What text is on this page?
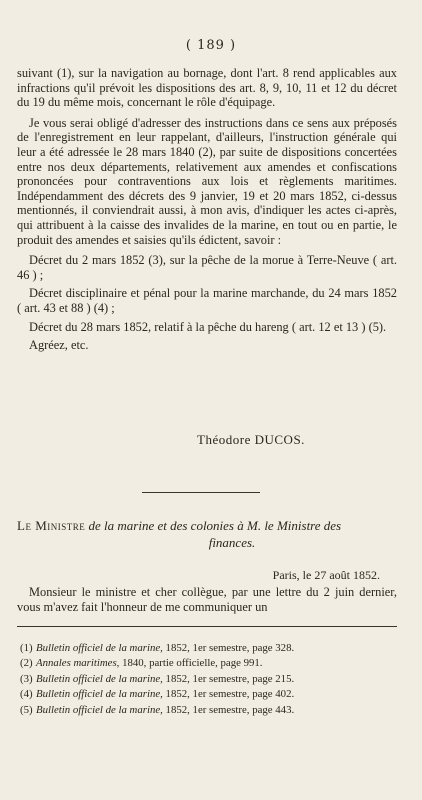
( 189 )

suivant (1), sur la navigation au bornage, dont l'art. 8 rend applicables aux infractions qu'il prévoit les dispositions des art. 8, 9, 10, 11 et 12 du décret du 19 du même mois, concernant le rôle d'équipage.

Je vous serai obligé d'adresser des instructions dans ce sens aux préposés de l'enregistrement en leur rappelant, d'ailleurs, l'instruction générale qui leur a été adressée le 28 mars 1840 (2), par suite de dispositions concertées entre nos deux départements, relativement aux amendes et confiscations prononcées pour contraventions aux lois et règlements maritimes. Indépendamment des décrets des 9 janvier, 19 et 20 mars 1852, ci-dessus mentionnés, il conviendrait aussi, à mon avis, d'indiquer les actes ci-après, qui attribuent à la caisse des invalides de la marine, en tout ou en partie, le produit des amendes et saisies qu'ils édictent, savoir :

Décret du 2 mars 1852 (3), sur la pêche de la morue à Terre-Neuve ( art. 46 ) ;

Décret disciplinaire et pénal pour la marine marchande, du 24 mars 1852 ( art. 43 et 88 ) (4) ;

Décret du 28 mars 1852, relatif à la pêche du hareng ( art. 12 et 13 ) (5).

Agréez, etc.

Théodore DUCOS.
Le Ministre de la marine et des colonies à M. le Ministre des
finances.
Paris, le 27 août 1852.

Monsieur le ministre et cher collègue, par une lettre du 2 juin dernier, vous m'avez fait l'honneur de me communiquer un

(1) Bulletin officiel de la marine, 1852, 1er semestre, page 328.

(2) Annales maritimes, 1840, partie officielle, page 991.

(3) Bulletin officiel de la marine, 1852, 1er semestre, page 215.

(4) Bulletin officiel de la marine, 1852, 1er semestre, page 402.

(5) Bulletin officiel de la marine, 1852, 1er semestre, page 443.
